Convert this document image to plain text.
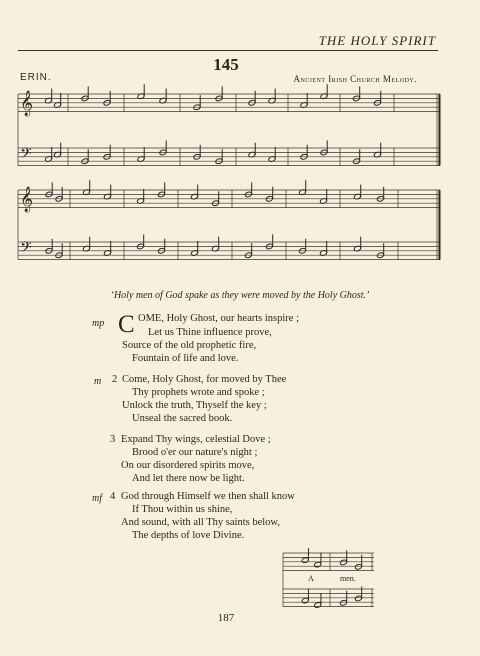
THE HOLY SPIRIT
145
ERIN.	Ancient Irish Church Melody.
𝄞
𝄢
𝄞
𝄢
‘Holy men of God spake as they were moved by the Holy Ghost.’
C
mp	OME, Holy Ghost, our hearts inspire ;
Let us Thine influence prove,
Source of the old prophetic fire,
Fountain of life and love.
m 2 Come, Holy Ghost, for moved by Thee
Thy prophets wrote and spoke ;
Unlock the truth, Thyself the key ;
Unseal the sacred book.
3 Expand Thy wings, celestial Dove ;
Brood o'er our nature's night ;
On our disordered spirits move,
And let there now be light.
mf 4 God through Himself we then shall know
If Thou within us shine,
And sound, with all Thy saints below,
The depths of love Divine.
A	men.
187
